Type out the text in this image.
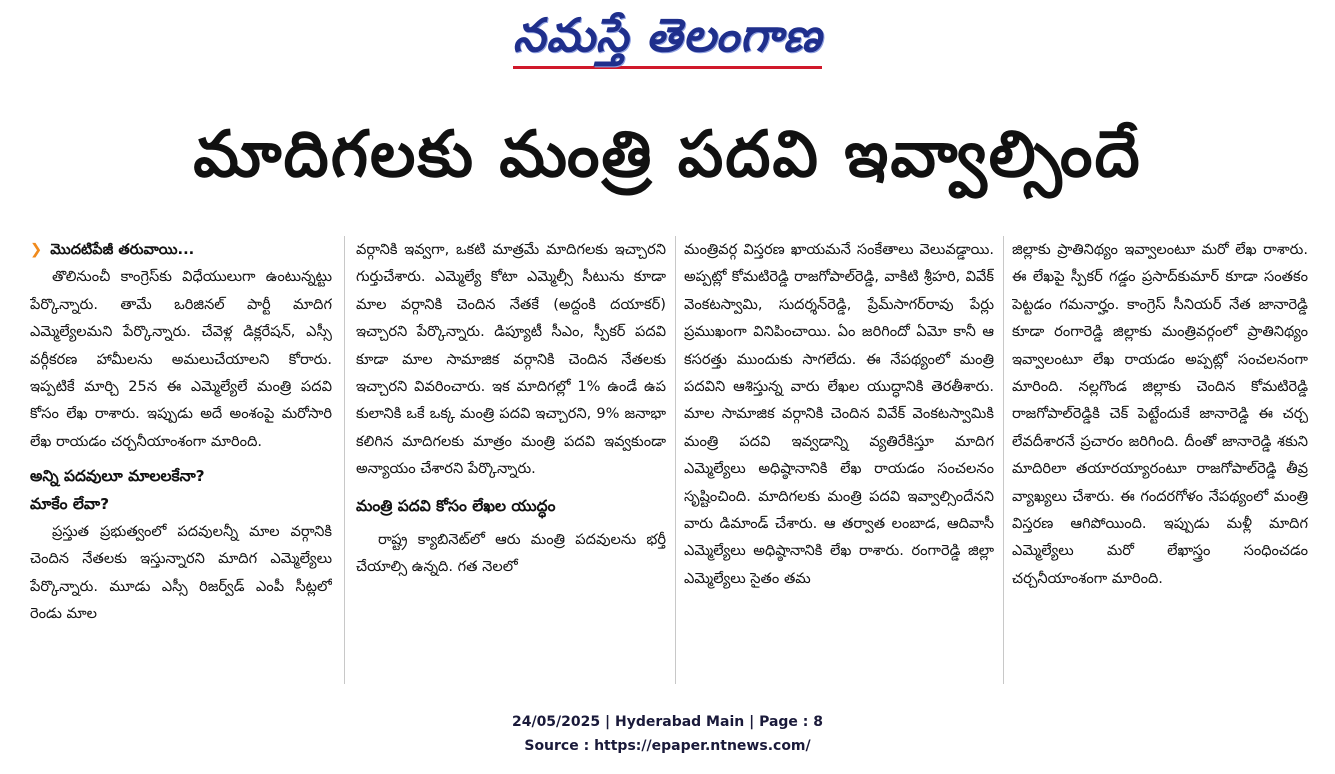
నమస్తే తెలంగాణ
మాదిగలకు మంత్రి పదవి ఇవ్వాల్సిందే
❯ మొదటిపేజీ తరువాయి...

తొలినుంచీ కాంగ్రెస్‌కు విధేయులుగా ఉంటున్నట్టు పేర్కొన్నారు. తామే ఒరిజినల్ పార్టీ మాదిగ ఎమ్మెల్యేలమని పేర్కొన్నారు. చేవెళ్ల డిక్లరేషన్, ఎస్సీ వర్గీకరణ హామీలను అమలుచేయాలని కోరారు. ఇప్పటికే మార్చి 25న ఈ ఎమ్మెల్యేలే మంత్రి పదవి కోసం లేఖ రాశారు. ఇప్పుడు అదే అంశంపై మరోసారి లేఖ రాయడం చర్చనీయాంశంగా మారింది.

అన్ని పదవులూ మాలలకేనా?
మాకేం లేవా?

ప్రస్తుత ప్రభుత్వంలో పదవులన్నీ మాల వర్గానికి చెందిన నేతలకు ఇస్తున్నారని మాదిగ ఎమ్మెల్యేలు పేర్కొన్నారు. మూడు ఎస్సీ రిజర్వ్‌డ్ ఎంపీ సీట్లలో రెండు మాల

వర్గానికి ఇవ్వగా, ఒకటి మాత్రమే మాదిగలకు ఇచ్చారని గుర్తుచేశారు. ఎమ్మెల్యే కోటా ఎమ్మెల్సీ సీటును కూడా మాల వర్గానికి చెందిన నేతకే (అద్దంకి దయాకర్) ఇచ్చారని పేర్కొన్నారు. డిప్యూటీ సీఎం, స్పీకర్ పదవి కూడా మాల సామాజిక వర్గానికి చెందిన నేతలకు ఇచ్చారని వివరించారు. ఇక మాదిగల్లో 1% ఉండే ఉప కులానికి ఒకే ఒక్క మంత్రి పదవి ఇచ్చారని, 9% జనాభా కలిగిన మాదిగలకు మాత్రం మంత్రి పదవి ఇవ్వకుండా అన్యాయం చేశారని పేర్కొన్నారు.

మంత్రి పదవి కోసం లేఖల యుద్ధం

రాష్ట్ర క్యాబినెట్‌లో ఆరు మంత్రి పదవులను భర్తీ చేయాల్సి ఉన్నది. గత నెలలో

మంత్రివర్గ విస్తరణ ఖాయమనే సంకేతాలు వెలువడ్డాయి. అప్పట్లో కోమటిరెడ్డి రాజగోపాల్‌రెడ్డి, వాకిటి శ్రీహరి, వివేక్ వెంకటస్వామి, సుదర్శన్‌రెడ్డి, ప్రేమ్‌సాగర్‌రావు పేర్లు ప్రముఖంగా వినిపించాయి. ఏం జరిగిందో ఏమో కానీ ఆ కసరత్తు ముందుకు సాగలేదు. ఈ నేపథ్యంలో మంత్రి పదవిని ఆశిస్తున్న వారు లేఖల యుద్ధానికి తెరతీశారు. మాల సామాజిక వర్గానికి చెందిన వివేక్ వెంకటస్వామికి మంత్రి పదవి ఇవ్వడాన్ని వ్యతిరేకిస్తూ మాదిగ ఎమ్మెల్యేలు అధిష్ఠానానికి లేఖ రాయడం సంచలనం సృష్టించింది. మాదిగలకు మంత్రి పదవి ఇవ్వాల్సిందేనని వారు డిమాండ్ చేశారు. ఆ తర్వాత లంబాడ, ఆదివాసీ ఎమ్మెల్యేలు అధిష్ఠానానికి లేఖ రాశారు. రంగారెడ్డి జిల్లా ఎమ్మెల్యేలు సైతం తమ

జిల్లాకు ప్రాతినిథ్యం ఇవ్వాలంటూ మరో లేఖ రాశారు. ఈ లేఖపై స్పీకర్ గడ్డం ప్రసాద్‌కుమార్ కూడా సంతకం పెట్టడం గమనార్హం. కాంగ్రెస్ సీనియర్ నేత జానారెడ్డి కూడా రంగారెడ్డి జిల్లాకు మంత్రివర్గంలో ప్రాతినిథ్యం ఇవ్వాలంటూ లేఖ రాయడం అప్పట్లో సంచలనంగా మారింది. నల్లగొండ జిల్లాకు చెందిన కోమటిరెడ్డి రాజగోపాల్‌రెడ్డికి చెక్ పెట్టేందుకే జానారెడ్డి ఈ చర్చ లేవదీశారనే ప్రచారం జరిగింది. దీంతో జానారెడ్డి శకుని మాదిరిలా తయారయ్యారంటూ రాజగోపాల్‌రెడ్డి తీవ్ర వ్యాఖ్యలు చేశారు. ఈ గందరగోళం నేపథ్యంలో మంత్రి విస్తరణ ఆగిపోయింది. ఇప్పుడు మళ్లీ మాదిగ ఎమ్మెల్యేలు మరో లేఖాస్త్రం సంధించడం చర్చనీయాంశంగా మారింది.

24/05/2025 | Hyderabad Main | Page : 8
Source : https://epaper.ntnews.com/
